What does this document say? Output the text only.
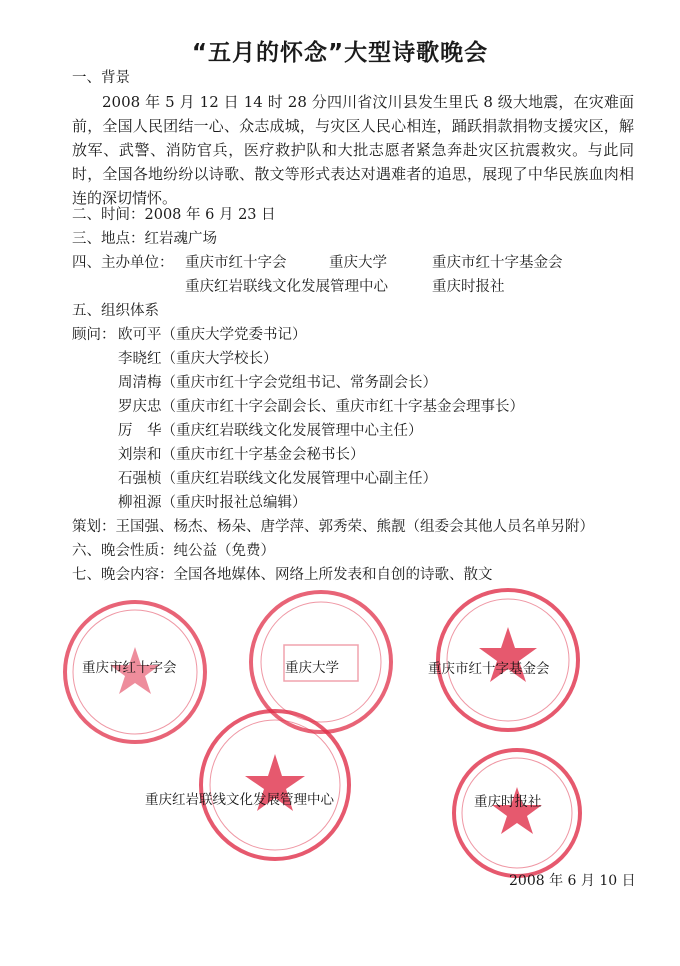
“五月的怀念”大型诗歌晚会
一、背景
2008 年 5 月 12 日 14 时 28 分四川省汶川县发生里氏 8 级大地震，在灾难面前，全国人民团结一心、众志成城，与灾区人民心相连，踊跃捐款捐物支援灾区，解放军、武警、消防官兵，医疗救护队和大批志愿者紧急奔赴灾区抗震救灾。与此同时，全国各地纷纷以诗歌、散文等形式表达对遇难者的追思，展现了中华民族血肉相连的深切情怀。
二、时间：2008 年 6 月 23 日
三、地点：红岩魂广场
四、主办单位： 重庆市红十字会	重庆大学	重庆市红十字基金会
重庆红岩联线文化发展管理中心	重庆时报社
五、组织体系
顾问： 欧可平（重庆大学党委书记）
李晓红（重庆大学校长）
周清梅（重庆市红十字会党组书记、常务副会长）
罗庆忠（重庆市红十字会副会长、重庆市红十字基金会理事长）
厉　华（重庆红岩联线文化发展管理中心主任）
刘崇和（重庆市红十字基金会秘书长）
石强桢（重庆红岩联线文化发展管理中心副主任）
柳祖源（重庆时报社总编辑）
策划：王国强、杨杰、杨朵、唐学萍、郭秀荣、熊靓（组委会其他人员名单另附）
六、晚会性质：纯公益（免费）
七、晚会内容：全国各地媒体、网络上所发表和自创的诗歌、散文
重庆市红十字会	重庆大学	重庆市红十字基金会
重庆红岩联线文化发展管理中心	重庆时报社
2008 年 6 月 10 日
